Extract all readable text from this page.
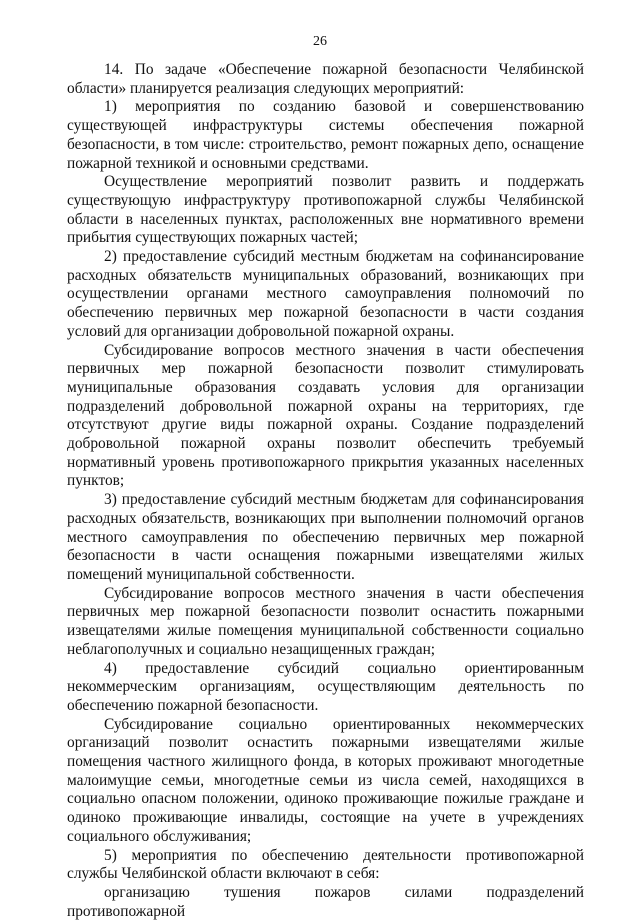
26

14. По задаче «Обеспечение пожарной безопасности Челябинской области» планируется реализация следующих мероприятий:

1) мероприятия по созданию базовой и совершенствованию существующей инфраструктуры системы обеспечения пожарной безопасности, в том числе: строительство, ремонт пожарных депо, оснащение пожарной техникой и основными средствами.

Осуществление мероприятий позволит развить и поддержать существующую инфраструктуру противопожарной службы Челябинской области в населенных пунктах, расположенных вне нормативного времени прибытия существующих пожарных частей;

2) предоставление субсидий местным бюджетам на софинансирование расходных обязательств муниципальных образований, возникающих при осуществлении органами местного самоуправления полномочий по обеспечению первичных мер пожарной безопасности в части создания условий для организации добровольной пожарной охраны.

Субсидирование вопросов местного значения в части обеспечения первичных мер пожарной безопасности позволит стимулировать муниципальные образования создавать условия для организации подразделений добровольной пожарной охраны на территориях, где отсутствуют другие виды пожарной охраны. Создание подразделений добровольной пожарной охраны позволит обеспечить требуемый нормативный уровень противопожарного прикрытия указанных населенных пунктов;

3) предоставление субсидий местным бюджетам для софинансирования расходных обязательств, возникающих при выполнении полномочий органов местного самоуправления по обеспечению первичных мер пожарной безопасности в части оснащения пожарными извещателями жилых помещений муниципальной собственности.

Субсидирование вопросов местного значения в части обеспечения первичных мер пожарной безопасности позволит оснастить пожарными извещателями жилые помещения муниципальной собственности социально неблагополучных и социально незащищенных граждан;

4) предоставление субсидий социально ориентированным некоммерческим организациям, осуществляющим деятельность по обеспечению пожарной безопасности.

Субсидирование социально ориентированных некоммерческих организаций позволит оснастить пожарными извещателями жилые помещения частного жилищного фонда, в которых проживают многодетные малоимущие семьи, многодетные семьи из числа семей, находящихся в социально опасном положении, одиноко проживающие пожилые граждане и одиноко проживающие инвалиды, состоящие на учете в учреждениях социального обслуживания;

5) мероприятия по обеспечению деятельности противопожарной службы Челябинской области включают в себя:

организацию тушения пожаров силами подразделений противопожарной
